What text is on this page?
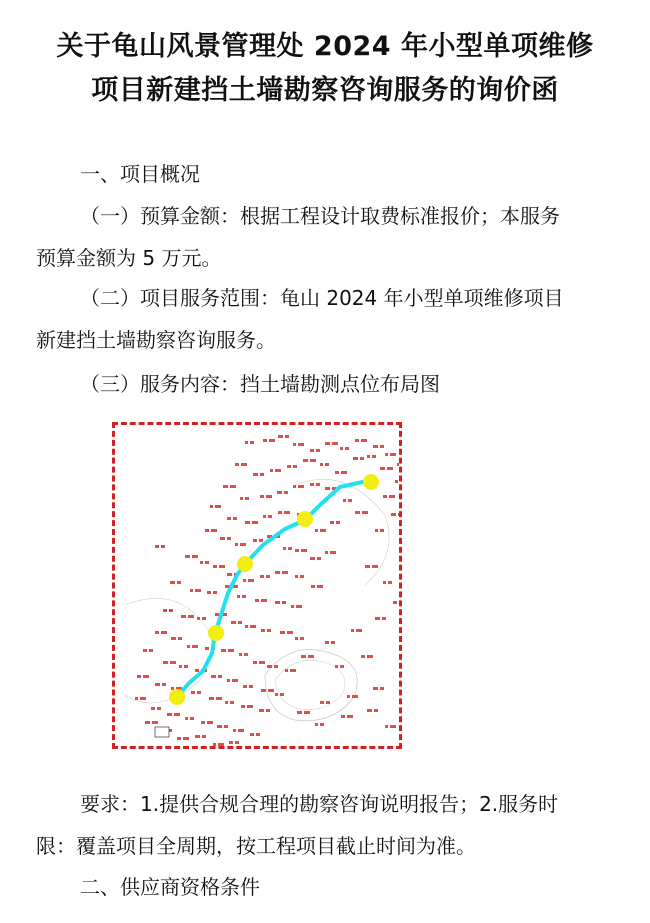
关于龟山风景管理处 2024 年小型单项维修
项目新建挡土墙勘察咨询服务的询价函

一、项目概况

（一）预算金额：根据工程设计取费标准报价；本服务

预算金额为 5 万元。

（二）项目服务范围：龟山 2024 年小型单项维修项目

新建挡土墙勘察咨询服务。

（三）服务内容：挡土墙勘测点位布局图

要求：1.提供合规合理的勘察咨询说明报告；2.服务时

限：覆盖项目全周期，按工程项目截止时间为准。

二、供应商资格条件
